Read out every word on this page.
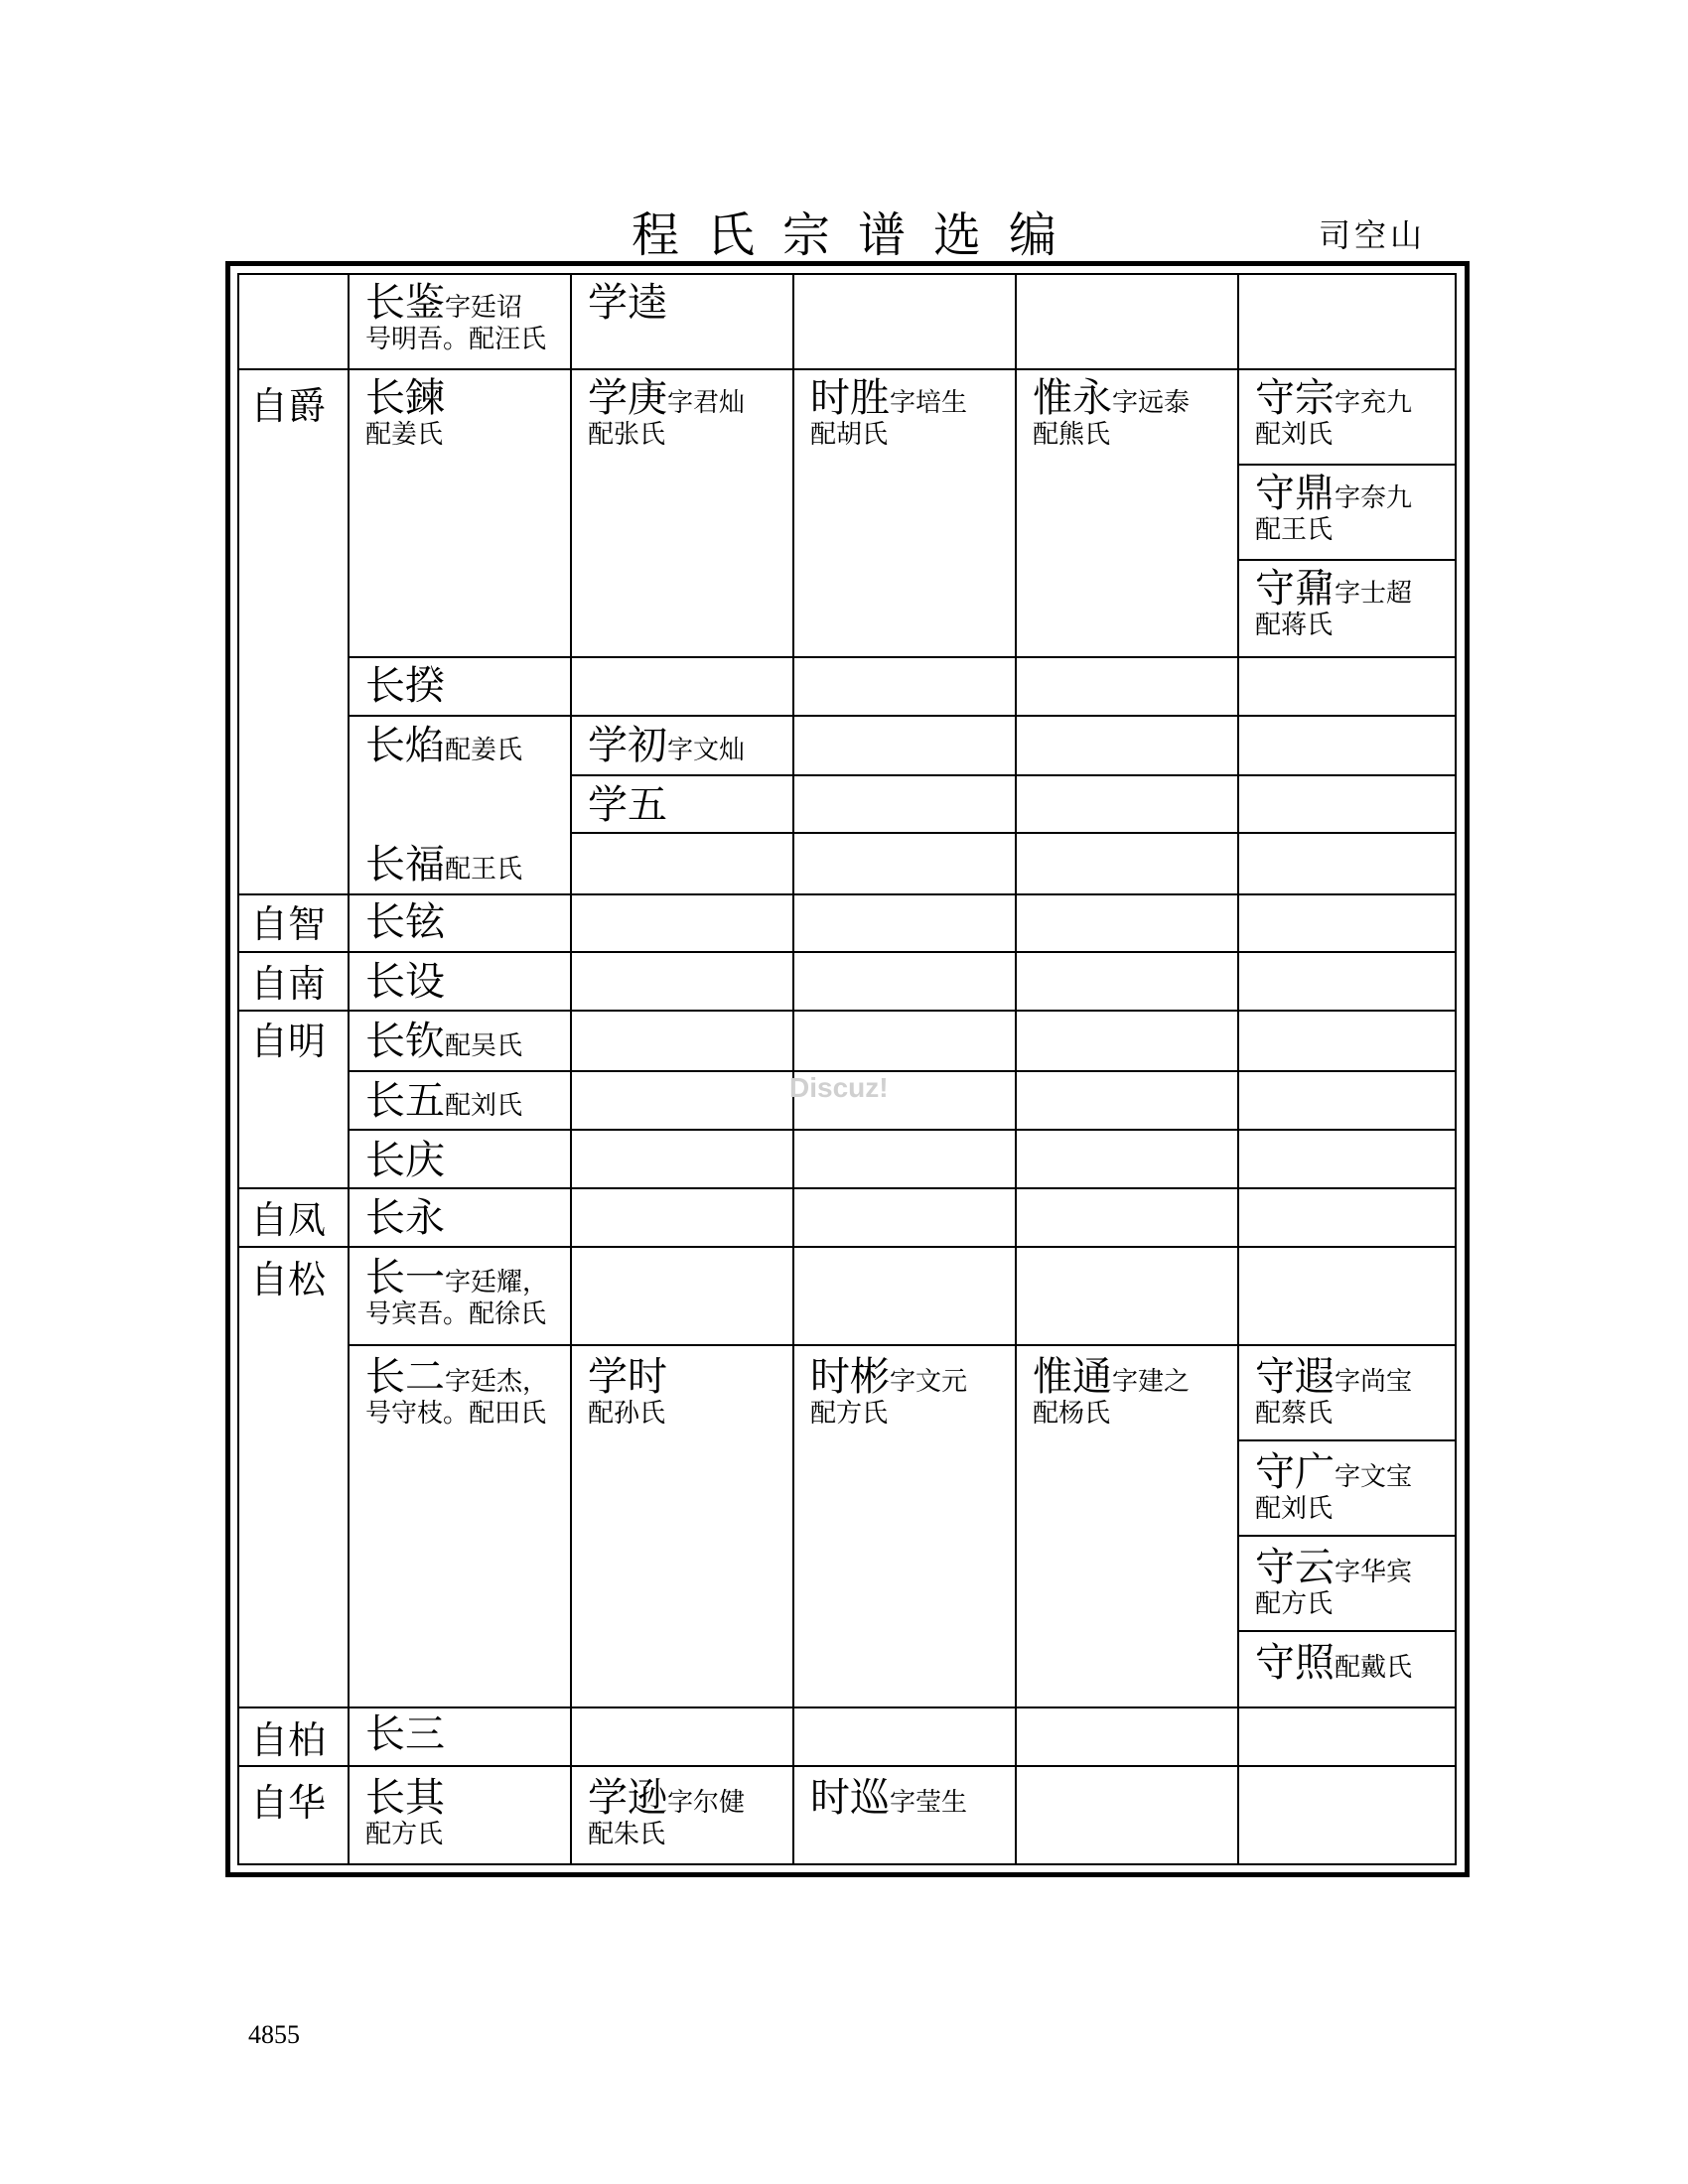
程氏宗谱选编	司空山
自爵
自智
自南
自明
自凤
自松
自柏
自华
长鉴字廷诏
号明吾。配汪氏
学逵
长鍊
配姜氏
学庚字君灿
配张氏
时胜字培生
配胡氏
惟永字远泰
配熊氏
守宗字充九
配刘氏
守鼎字奈九
配王氏
守鼐字士超
配蒋氏
长揆
长焰配姜氏 学初字文灿
学五
长福配王氏
长铉
长设
长钦配吴氏
长五配刘氏
长庆
长永
长一字廷耀，
号宾吾。配徐氏
长二字廷杰，
号守枝。配田氏
学时
配孙氏
时彬字文元
配方氏
惟通字建之
配杨氏
守遐字尚宝
配蔡氏
守广字文宝
配刘氏
守云字华宾
配方氏
守照配戴氏
长三
长其
配方氏
学逊字尔健
配朱氏
时巡字莹生
Discuz!
4855
